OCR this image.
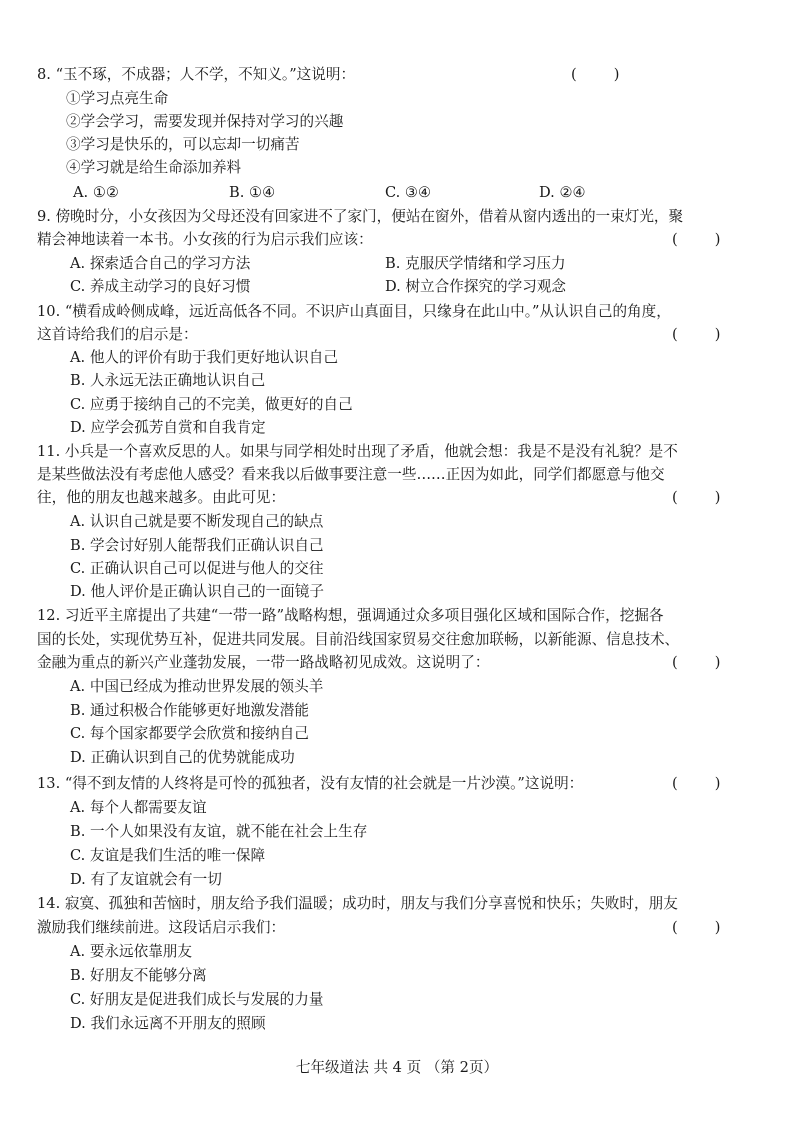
8. “玉不琢，不成器；人不学，不知义。”这说明：	(        )
①学习点亮生命
②学会学习，需要发现并保持对学习的兴趣
③学习是快乐的，可以忘却一切痛苦
④学习就是给生命添加养料
A. ①②	B. ①④	C. ③④	D. ②④
9. 傍晚时分，小女孩因为父母还没有回家进不了家门，便站在窗外，借着从窗内透出的一束灯光，聚
精会神地读着一本书。小女孩的行为启示我们应该：	(        )
A. 探索适合自己的学习方法	B. 克服厌学情绪和学习压力
C. 养成主动学习的良好习惯	D. 树立合作探究的学习观念
10. “横看成岭侧成峰，远近高低各不同。不识庐山真面目，只缘身在此山中。”从认识自己的角度，
这首诗给我们的启示是：	(        )
A. 他人的评价有助于我们更好地认识自己
B. 人永远无法正确地认识自己
C. 应勇于接纳自己的不完美，做更好的自己
D. 应学会孤芳自赏和自我肯定
11. 小兵是一个喜欢反思的人。如果与同学相处时出现了矛盾，他就会想：我是不是没有礼貌？是不
是某些做法没有考虑他人感受？看来我以后做事要注意一些……正因为如此，同学们都愿意与他交
往，他的朋友也越来越多。由此可见：	(        )
A. 认识自己就是要不断发现自己的缺点
B. 学会讨好别人能帮我们正确认识自己
C. 正确认识自己可以促进与他人的交往
D. 他人评价是正确认识自己的一面镜子
12. 习近平主席提出了共建“一带一路”战略构想，强调通过众多项目强化区域和国际合作，挖掘各
国的长处，实现优势互补，促进共同发展。目前沿线国家贸易交往愈加联畅，以新能源、信息技术、
金融为重点的新兴产业蓬勃发展，一带一路战略初见成效。这说明了：	(        )
A. 中国已经成为推动世界发展的领头羊
B. 通过积极合作能够更好地激发潜能
C. 每个国家都要学会欣赏和接纳自己
D. 正确认识到自己的优势就能成功
13. “得不到友情的人终将是可怜的孤独者，没有友情的社会就是一片沙漠。”这说明：	(        )
A. 每个人都需要友谊
B. 一个人如果没有友谊，就不能在社会上生存
C. 友谊是我们生活的唯一保障
D. 有了友谊就会有一切
14. 寂寞、孤独和苦恼时，朋友给予我们温暖；成功时，朋友与我们分享喜悦和快乐；失败时，朋友
激励我们继续前进。这段话启示我们：	(        )
A. 要永远依靠朋友
B. 好朋友不能够分离
C. 好朋友是促进我们成长与发展的力量
D. 我们永远离不开朋友的照顾
七年级道法 共 4 页 （第 2页）
